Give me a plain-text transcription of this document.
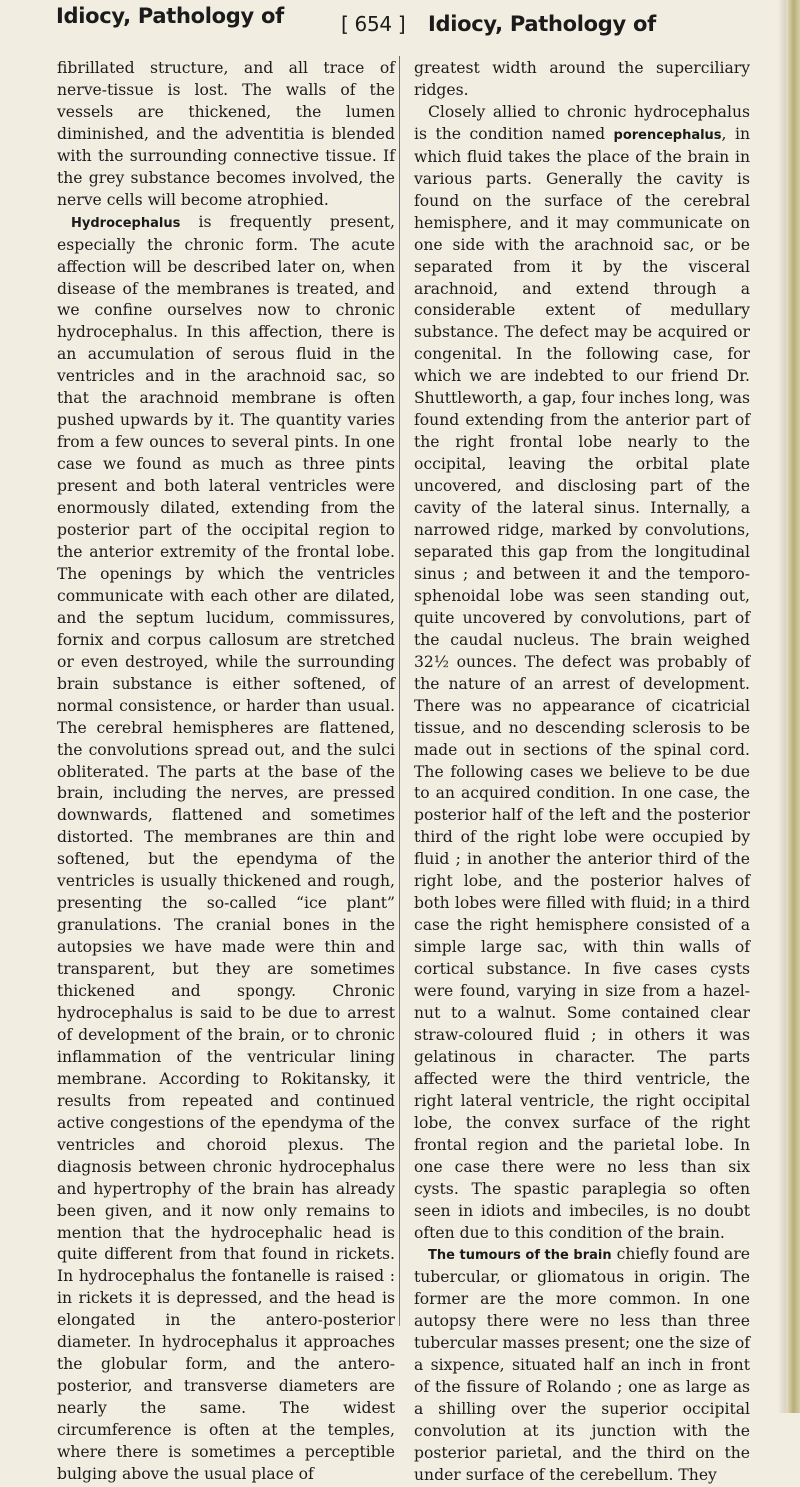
Idiocy, Pathology of	[ 654 ] Idiocy, Pathology of

fibrillated structure, and all trace of nerve-tissue is lost. The walls of the vessels are thickened, the lumen diminished, and the adventitia is blended with the surrounding connective tissue. If the grey substance becomes involved, the nerve cells will become atrophied.

Hydrocephalus is frequently present, especially the chronic form. The acute affection will be described later on, when disease of the membranes is treated, and we confine ourselves now to chronic hydrocephalus. In this affection, there is an accumulation of serous fluid in the ventricles and in the arachnoid sac, so that the arachnoid membrane is often pushed upwards by it. The quantity varies from a few ounces to several pints. In one case we found as much as three pints present and both lateral ventricles were enormously dilated, extending from the posterior part of the occipital region to the anterior extremity of the frontal lobe. The openings by which the ventricles communicate with each other are dilated, and the septum lucidum, commissures, fornix and corpus callosum are stretched or even destroyed, while the surrounding brain substance is either softened, of normal consistence, or harder than usual. The cerebral hemispheres are flattened, the convolutions spread out, and the sulci obliterated. The parts at the base of the brain, including the nerves, are pressed downwards, flattened and sometimes distorted. The membranes are thin and softened, but the ependyma of the ventricles is usually thickened and rough, presenting the so-called “ice plant” granulations. The cranial bones in the autopsies we have made were thin and transparent, but they are sometimes thickened and spongy. Chronic hydrocephalus is said to be due to arrest of development of the brain, or to chronic inflammation of the ventricular lining membrane. According to Rokitansky, it results from repeated and continued active congestions of the ependyma of the ventricles and choroid plexus. The diagnosis between chronic hydrocephalus and hypertrophy of the brain has already been given, and it now only remains to mention that the hydrocephalic head is quite different from that found in rickets. In hydrocephalus the fontanelle is raised : in rickets it is depressed, and the head is elongated in the antero-posterior diameter. In hydrocephalus it approaches the globular form, and the antero-posterior, and transverse diameters are nearly the same. The widest circumference is often at the temples, where there is sometimes a perceptible bulging above the usual place of

greatest width around the superciliary ridges.

Closely allied to chronic hydrocephalus is the condition named porencephalus, in which fluid takes the place of the brain in various parts. Generally the cavity is found on the surface of the cerebral hemisphere, and it may communicate on one side with the arachnoid sac, or be separated from it by the visceral arachnoid, and extend through a considerable extent of medullary substance. The defect may be acquired or congenital. In the following case, for which we are indebted to our friend Dr. Shuttleworth, a gap, four inches long, was found extending from the anterior part of the right frontal lobe nearly to the occipital, leaving the orbital plate uncovered, and disclosing part of the cavity of the lateral sinus. Internally, a narrowed ridge, marked by convolutions, separated this gap from the longitudinal sinus ; and between it and the temporo-sphenoidal lobe was seen standing out, quite uncovered by convolutions, part of the caudal nucleus. The brain weighed 32½ ounces. The defect was probably of the nature of an arrest of development. There was no appearance of cicatricial tissue, and no descending sclerosis to be made out in sections of the spinal cord. The following cases we believe to be due to an acquired condition. In one case, the posterior half of the left and the posterior third of the right lobe were occupied by fluid ; in another the anterior third of the right lobe, and the posterior halves of both lobes were filled with fluid; in a third case the right hemisphere consisted of a simple large sac, with thin walls of cortical substance. In five cases cysts were found, varying in size from a hazel-nut to a walnut. Some contained clear straw-coloured fluid ; in others it was gelatinous in character. The parts affected were the third ventricle, the right lateral ventricle, the right occipital lobe, the convex surface of the right frontal region and the parietal lobe. In one case there were no less than six cysts. The spastic paraplegia so often seen in idiots and imbeciles, is no doubt often due to this condition of the brain.

The tumours of the brain chiefly found are tubercular, or gliomatous in origin. The former are the more common. In one autopsy there were no less than three tubercular masses present; one the size of a sixpence, situated half an inch in front of the fissure of Rolando ; one as large as a shilling over the superior occipital convolution at its junction with the posterior parietal, and the third on the under surface of the cerebellum. They
